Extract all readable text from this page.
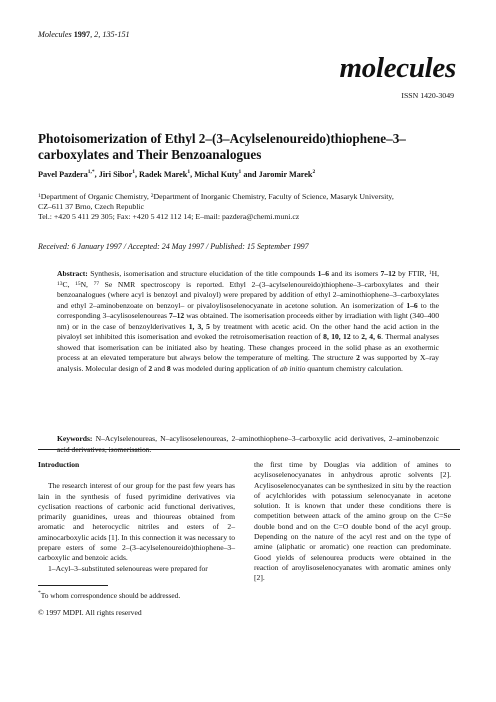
Molecules 1997, 2, 135-151
molecules
ISSN 1420-3049
Photoisomerization of Ethyl 2–(3–Acylselenoureido)thiophene–3–carboxylates and Their Benzoanalogues
Pavel Pazdera$^{1,*}$, Jiri Sibor$^1$, Radek Marek$^1$, Michal Kuty$^1$ and Jaromir Marek$^2$
$^1$Department of Organic Chemistry, $^2$Department of Inorganic Chemistry, Faculty of Science, Masaryk University,
CZ–611 37 Brno, Czech Republic
Tel.: +420 5 411 29 305; Fax: +420 5 412 112 14; E–mail: pazdera@chemi.muni.cz
Received: 6 January 1997 / Accepted: 24 May 1997 / Published: 15 September 1997
Abstract: Synthesis, isomerisation and structure elucidation of the title compounds 1–6 and its isomers 7–12 by FTIR, $^1$H, $^{13}$C, $^{15}$N, $^{77}$ Se NMR spectroscopy is reported. Ethyl 2–(3–acylselenoureido)thiophene–3–carboxylates and their benzoanalogues (where acyl is benzoyl and pivaloyl) were prepared by addition of ethyl 2–aminothiophene–3–carboxylates and ethyl 2–aminobenzoate on benzoyl– or pivaloylisoselenocyanate in acetone solution. An isomerization of 1–6 to the corresponding 3–acylisoselenoureas 7–12 was obtained. The isomerisation proceeds either by irradiation with light (340–400 nm) or in the case of benzoylderivatives 1, 3, 5 by treatment with acetic acid. On the other hand the acid action in the pivaloyl set inhibited this isomerisation and evoked the retroisomerisation reaction of 8, 10, 12 to 2, 4, 6. Thermal analyses showed that isomerisation can be initiated also by heating. These changes proceed in the solid phase as an exothermic process at an elevated temperature but always below the temperature of melting. The structure 2 was supported by X–ray analysis. Molecular design of 2 and 8 was modeled during application of ab initio quantum chemistry calculation.
Keywords: N–Acylselenoureas, N–acylisoselenoureas, 2–aminothiophene–3–carboxylic acid derivatives, 2–aminobenzoic acid derivatives, isomerisation.

Introduction

The research interest of our group for the past few years has lain in the synthesis of fused pyrimidine derivatives via cyclisation reactions of carbonic acid functional derivatives, primarily guanidines, ureas and thioureas obtained from aromatic and heterocyclic nitriles and esters of 2–aminocarboxylic acids [1]. In this connection it was necessary to prepare esters of some 2–(3–acylselenoureido)thiophene–3–carboxylic and benzoic acids.

1–Acyl–3–substituted selenoureas were prepared for

the first time by Douglas via addition of amines to acylisoselenocyanates in anhydrous aprotic solvents [2]. Acylisoselenocyanates can be synthesized in situ by the reaction of acylchlorides with potassium selenocyanate in acetone solution. It is known that under these conditions there is competition between attack of the amino group on the C=Se double bond and on the C=O double bond of the acyl group. Depending on the nature of the acyl rest and on the type of amine (aliphatic or aromatic) one reaction can predominate. Good yields of selenourea products were obtained in the reaction of aroylisoselenocyanates with aromatic amines only [2].

*To whom correspondence should be addressed.
© 1997 MDPI. All rights reserved
